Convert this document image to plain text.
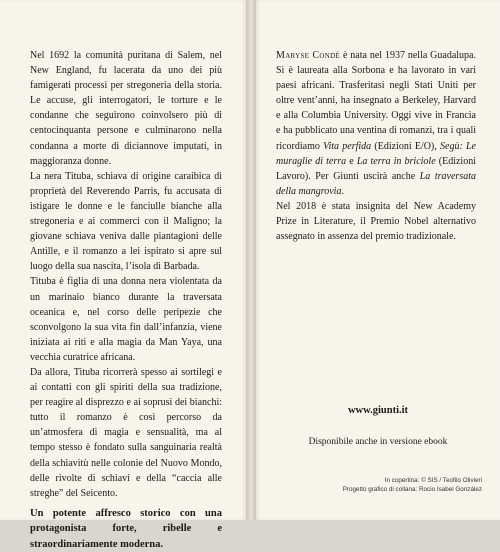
Nel 1692 la comunità puritana di Salem, nel New England, fu lacerata da uno dei più famigerati processi per stregoneria della storia. Le accuse, gli interrogatori, le torture e le condanne che seguirono coinvolsero più di centocinquanta persone e culminarono nella condanna a morte di diciannove imputati, in maggioranza donne.

La nera Tituba, schiava di origine caraibica di proprietà del Reverendo Parris, fu accusata di istigare le donne e le fanciulle bianche alla stregoneria e ai commerci con il Maligno; la giovane schiava veniva dalle piantagioni delle Antille, e il romanzo a lei ispirato si apre sul luogo della sua nascita, l’isola di Barbada.

Tituba è figlia di una donna nera violentata da un marinaio bianco durante la traversata oceanica e, nel corso delle peripezie che sconvolgono la sua vita fin dall’infanzia, viene iniziata ai riti e alla magia da Man Yaya, una vecchia curatrice africana.

Da allora, Tituba ricorrerà spesso ai sortilegi e ai contatti con gli spiriti della sua tradizione, per reagire al disprezzo e ai soprusi dei bianchi: tutto il romanzo è così percorso da un’atmosfera di magia e sensualità, ma al tempo stesso è fondato sulla sanguinaria realtà della schiavitù nelle colonie del Nuovo Mondo, delle rivolte di schiavi e della “caccia alle streghe” del Seicento.

Un potente affresco storico con una protagonista forte, ribelle e straordinariamente moderna.

Maryse Condé è nata nel 1937 nella Guadalupa. Si è laureata alla Sorbona e ha lavorato in vari paesi africani. Trasferitasi negli Stati Uniti per oltre vent’anni, ha insegnato a Berkeley, Harvard e alla Columbia University. Oggi vive in Francia e ha pubblicato una ventina di romanzi, tra i quali ricordiamo Vita perfida (Edizioni E/O), Segù: Le muraglie di terra e La terra in briciole (Edizioni Lavoro). Per Giunti uscirà anche La traversata della mangrovia.

Nel 2018 è stata insignita del New Academy Prize in Literature, il Premio Nobel alternativo assegnato in assenza del premio tradizionale.

www.giunti.it
Disponibile anche in versione ebook
In copertina: © SIS / Teofilo Olivieri
Progetto grafico di collana: Rocio Isabel González
